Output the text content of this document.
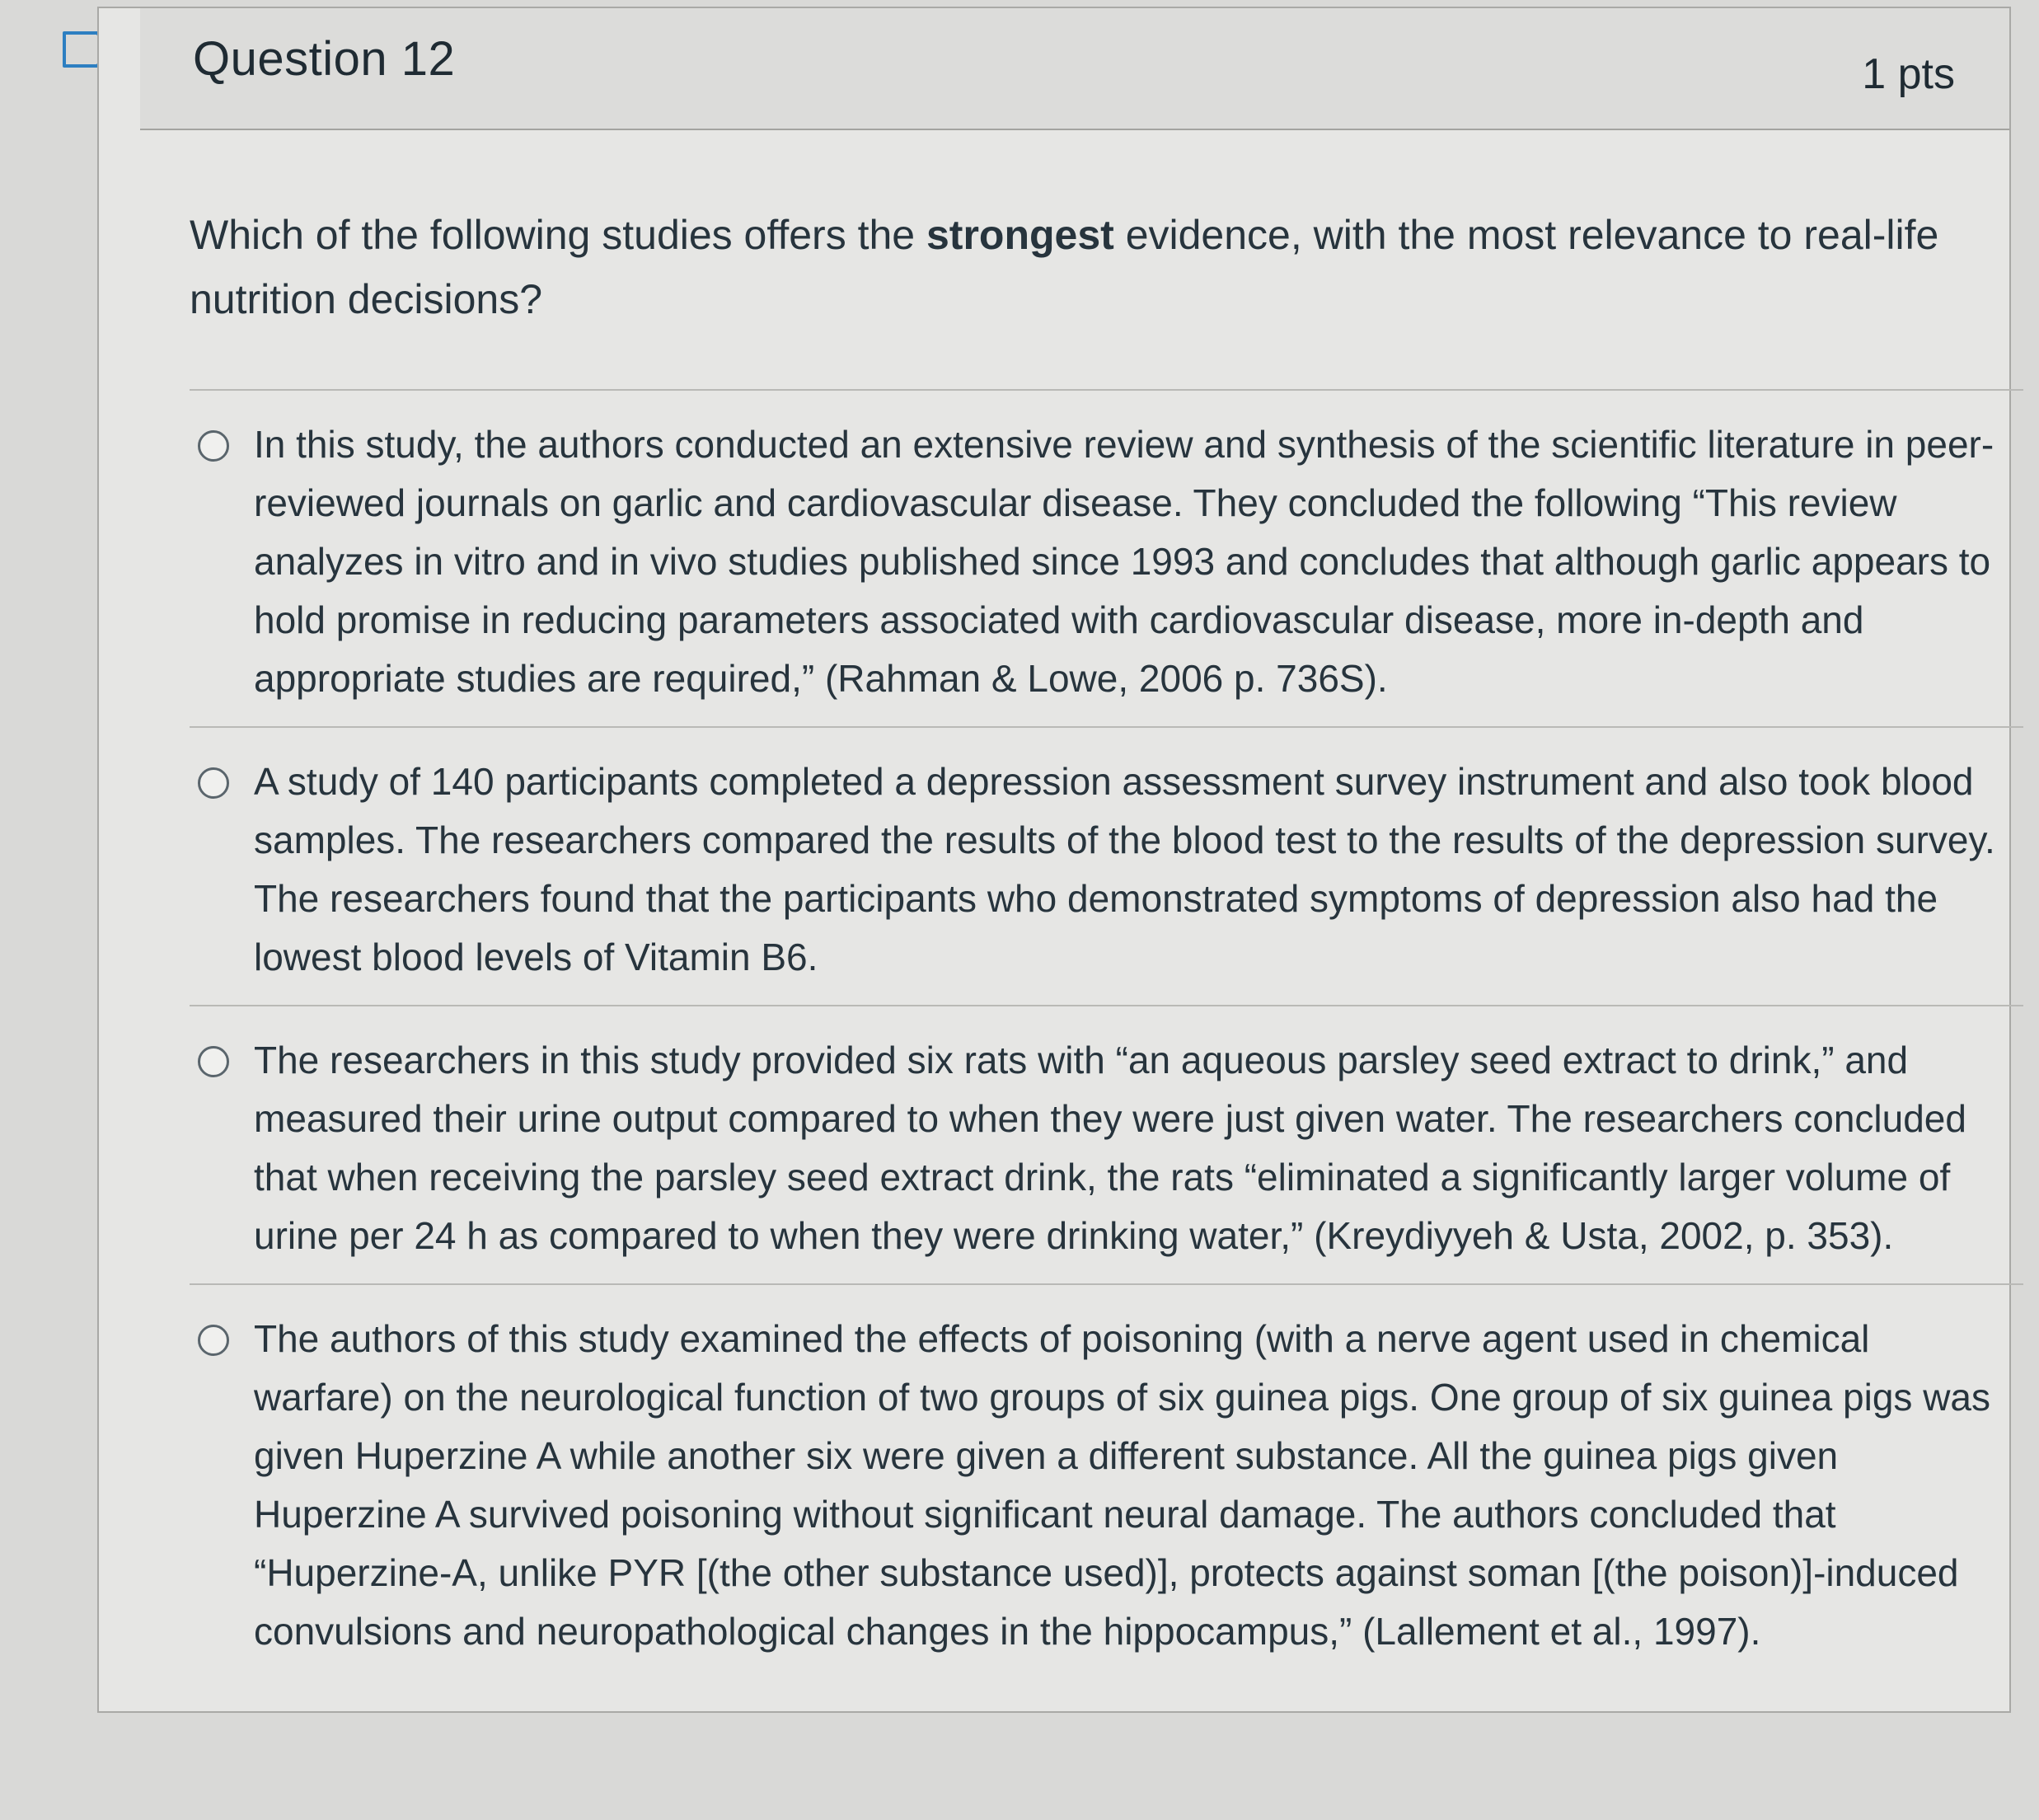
Question 12	1 pts

Which of the following studies offers the strongest evidence, with the most relevance to real-life nutrition decisions?

In this study, the authors conducted an extensive review and synthesis of the scientific literature in peer-reviewed journals on garlic and cardiovascular disease. They concluded the following “This review analyzes in vitro and in vivo studies published since 1993 and concludes that although garlic appears to hold promise in reducing parameters associated with cardiovascular disease, more in-depth and appropriate studies are required,” (Rahman & Lowe, 2006 p. 736S).
A study of 140 participants completed a depression assessment survey instrument and also took blood samples. The researchers compared the results of the blood test to the results of the depression survey. The researchers found that the participants who demonstrated symptoms of depression also had the lowest blood levels of Vitamin B6.
The researchers in this study provided six rats with “an aqueous parsley seed extract to drink,” and measured their urine output compared to when they were just given water. The researchers concluded that when receiving the parsley seed extract drink, the rats “eliminated a significantly larger volume of urine per 24 h as compared to when they were drinking water,” (Kreydiyyeh & Usta, 2002, p. 353).
The authors of this study examined the effects of poisoning (with a nerve agent used in chemical warfare) on the neurological function of two groups of six guinea pigs. One group of six guinea pigs was given Huperzine A while another six were given a different substance. All the guinea pigs given Huperzine A survived poisoning without significant neural damage. The authors concluded that “Huperzine-A, unlike PYR [(the other substance used)], protects against soman [(the poison)]-induced convulsions and neuropathological changes in the hippocampus,” (Lallement et al., 1997).
